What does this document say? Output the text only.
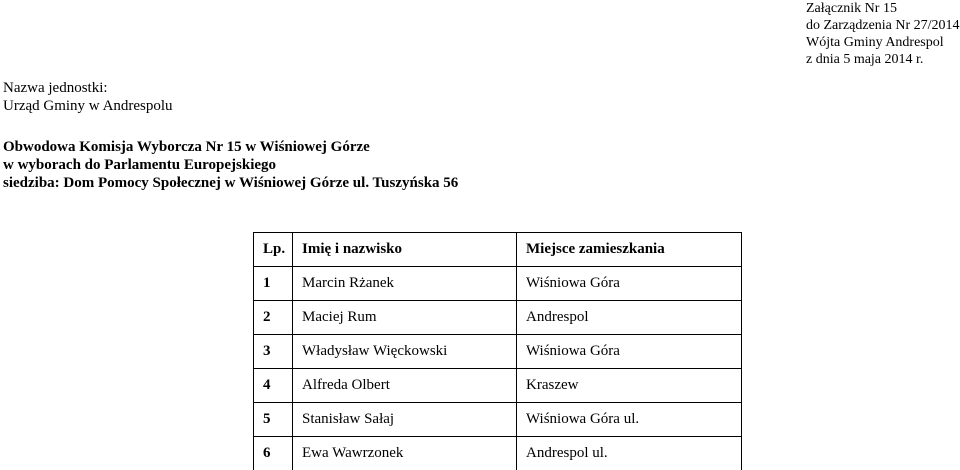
Załącznik Nr 15
do Zarządzenia Nr 27/2014
Wójta Gminy Andrespol
z dnia 5 maja 2014 r.
Nazwa jednostki:
Urząd Gminy w Andrespolu
Obwodowa Komisja Wyborcza Nr 15 w Wiśniowej Górze
w wyborach do Parlamentu Europejskiego
siedziba: Dom Pomocy Społecznej w Wiśniowej Górze ul. Tuszyńska 56
Lp.	Imię i nazwisko	Miejsce zamieszkania
1	Marcin Rżanek	Wiśniowa Góra
2	Maciej Rum	Andrespol
3	Władysław Więckowski	Wiśniowa Góra
4	Alfreda Olbert	Kraszew
5	Stanisław Sałaj	Wiśniowa Góra ul.
6	Ewa Wawrzonek	Andrespol ul.
